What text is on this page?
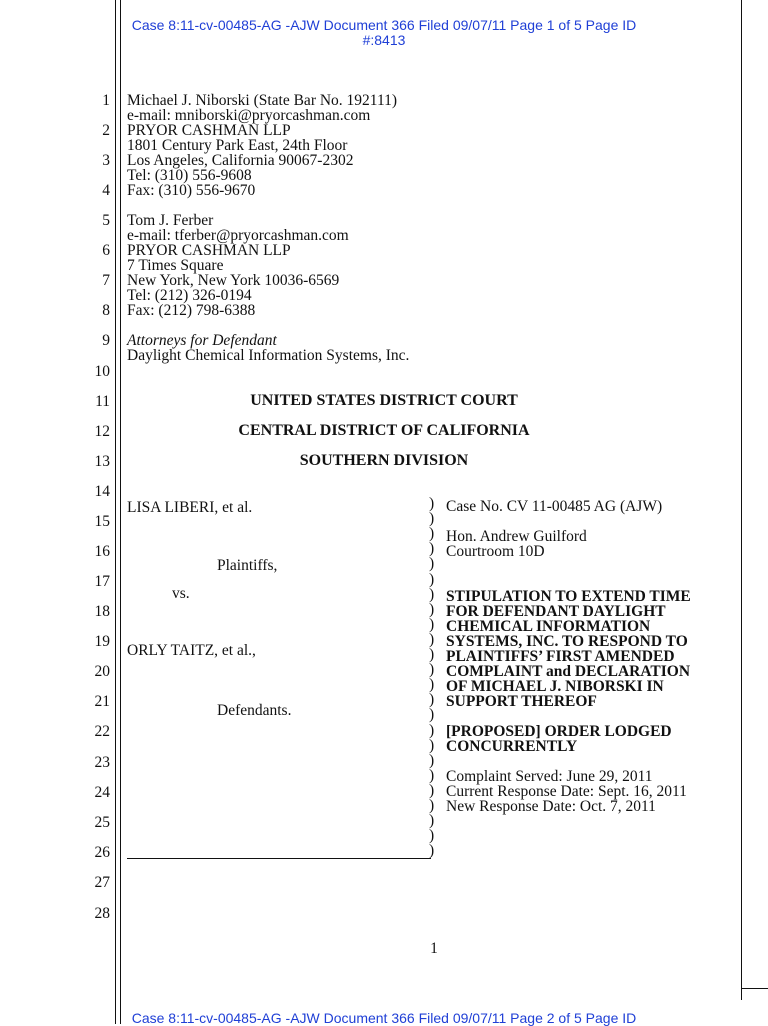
Case 8:11-cv-00485-AG -AJW Document 366 Filed 09/07/11 Page 1 of 5 Page ID
#:8413
Case 8:11-cv-00485-AG -AJW Document 366 Filed 09/07/11 Page 2 of 5 Page ID
1
2
3
4
5
6
7
8
9
10
11
12
13
14
15
16
17
18
19
20
21
22
23
24
25
26
27
28
Michael J. Niborski (State Bar No. 192111)
e-mail: mniborski@pryorcashman.com
PRYOR CASHMAN LLP
1801 Century Park East, 24th Floor
Los Angeles, California 90067-2302
Tel: (310) 556-9608
Fax: (310) 556-9670
Tom J. Ferber
e-mail: tferber@pryorcashman.com
PRYOR CASHMAN LLP
7 Times Square
New York, New York 10036-6569
Tel: (212) 326-0194
Fax: (212) 798-6388
Attorneys for Defendant
Daylight Chemical Information Systems, Inc.
UNITED STATES DISTRICT COURT
CENTRAL DISTRICT OF CALIFORNIA
SOUTHERN DIVISION
LISA LIBERI, et al.
Plaintiffs,
vs.
ORLY TAITZ, et al.,
Defendants.
)
)
)
)
)
)
)
)
)
)
)
)
)
)
)
)
)
)
)
)
)
)
)
)
Case No. CV 11-00485 AG (AJW)
Hon. Andrew Guilford
Courtroom 10D
STIPULATION TO EXTEND TIME
FOR DEFENDANT DAYLIGHT
CHEMICAL INFORMATION
SYSTEMS, INC. TO RESPOND TO
PLAINTIFFS’ FIRST AMENDED
COMPLAINT and DECLARATION
OF MICHAEL J. NIBORSKI IN
SUPPORT THEREOF
[PROPOSED] ORDER LODGED
CONCURRENTLY
Complaint Served: June 29, 2011
Current Response Date: Sept. 16, 2011
New Response Date: Oct. 7, 2011
1
